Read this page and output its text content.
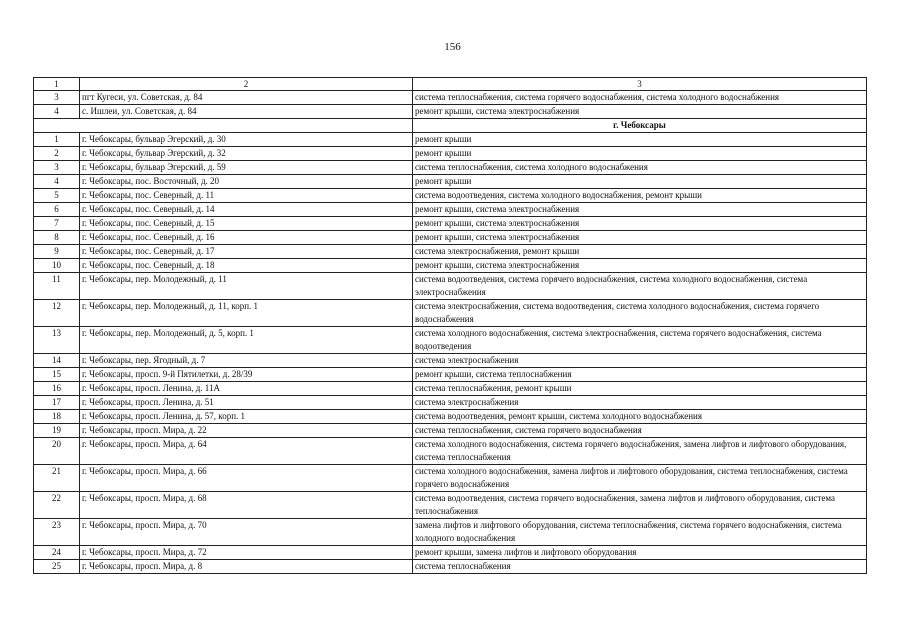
156
1	2	3
3	пгт Кугеси, ул. Советская, д. 84	система теплоснабжения, система горячего водоснабжения, система холодного водоснабжения
4	с. Ишлеи, ул. Советская, д. 84	ремонт крыши, система электроснабжения
		г. Чебоксары
1	г. Чебоксары, бульвар Эгерский, д. 30	ремонт крыши
2	г. Чебоксары, бульвар Эгерский, д. 32	ремонт крыши
3	г. Чебоксары, бульвар Эгерский, д. 59	система теплоснабжения, система холодного водоснабжения
4	г. Чебоксары, пос. Восточный, д. 20	ремонт крыши
5	г. Чебоксары, пос. Северный, д. 11	система водоотведения, система холодного водоснабжения, ремонт крыши
6	г. Чебоксары, пос. Северный, д. 14	ремонт крыши, система электроснабжения
7	г. Чебоксары, пос. Северный, д. 15	ремонт крыши, система электроснабжения
8	г. Чебоксары, пос. Северный, д. 16	ремонт крыши, система электроснабжения
9	г. Чебоксары, пос. Северный, д. 17	система электроснабжения, ремонт крыши
10	г. Чебоксары, пос. Северный, д. 18	ремонт крыши, система электроснабжения
11	г. Чебоксары, пер. Молодежный, д. 11	система водоотведения, система горячего водоснабжения, система холодного водоснабжения, система электроснабжения
12	г. Чебоксары, пер. Молодежный, д. 11, корп. 1	система электроснабжения, система водоотведения, система холодного водоснабжения, система горячего водоснабжения
13	г. Чебоксары, пер. Молодежный, д. 5, корп. 1	система холодного водоснабжения, система электроснабжения, система горячего водоснабжения, система водоотведения
14	г. Чебоксары, пер. Ягодный, д. 7	система электроснабжения
15	г. Чебоксары, просп. 9-й Пятилетки, д. 28/39	ремонт крыши, система теплоснабжения
16	г. Чебоксары, просп. Ленина, д. 11А	система теплоснабжения, ремонт крыши
17	г. Чебоксары, просп. Ленина, д. 51	система электроснабжения
18	г. Чебоксары, просп. Ленина, д. 57, корп. 1	система водоотведения, ремонт крыши, система холодного водоснабжения
19	г. Чебоксары, просп. Мира, д. 22	система теплоснабжения, система горячего водоснабжения
20	г. Чебоксары, просп. Мира, д. 64	система холодного водоснабжения, система горячего водоснабжения, замена лифтов и лифтового оборудования, система теплоснабжения
21	г. Чебоксары, просп. Мира, д. 66	система холодного водоснабжения, замена лифтов и лифтового оборудования, система теплоснабжения, система горячего водоснабжения
22	г. Чебоксары, просп. Мира, д. 68	система водоотведения, система горячего водоснабжения, замена лифтов и лифтового оборудования, система теплоснабжения
23	г. Чебоксары, просп. Мира, д. 70	замена лифтов и лифтового оборудования, система теплоснабжения, система горячего водоснабжения, система холодного водоснабжения
24	г. Чебоксары, просп. Мира, д. 72	ремонт крыши, замена лифтов и лифтового оборудования
25	г. Чебоксары, просп. Мира, д. 8	система теплоснабжения
